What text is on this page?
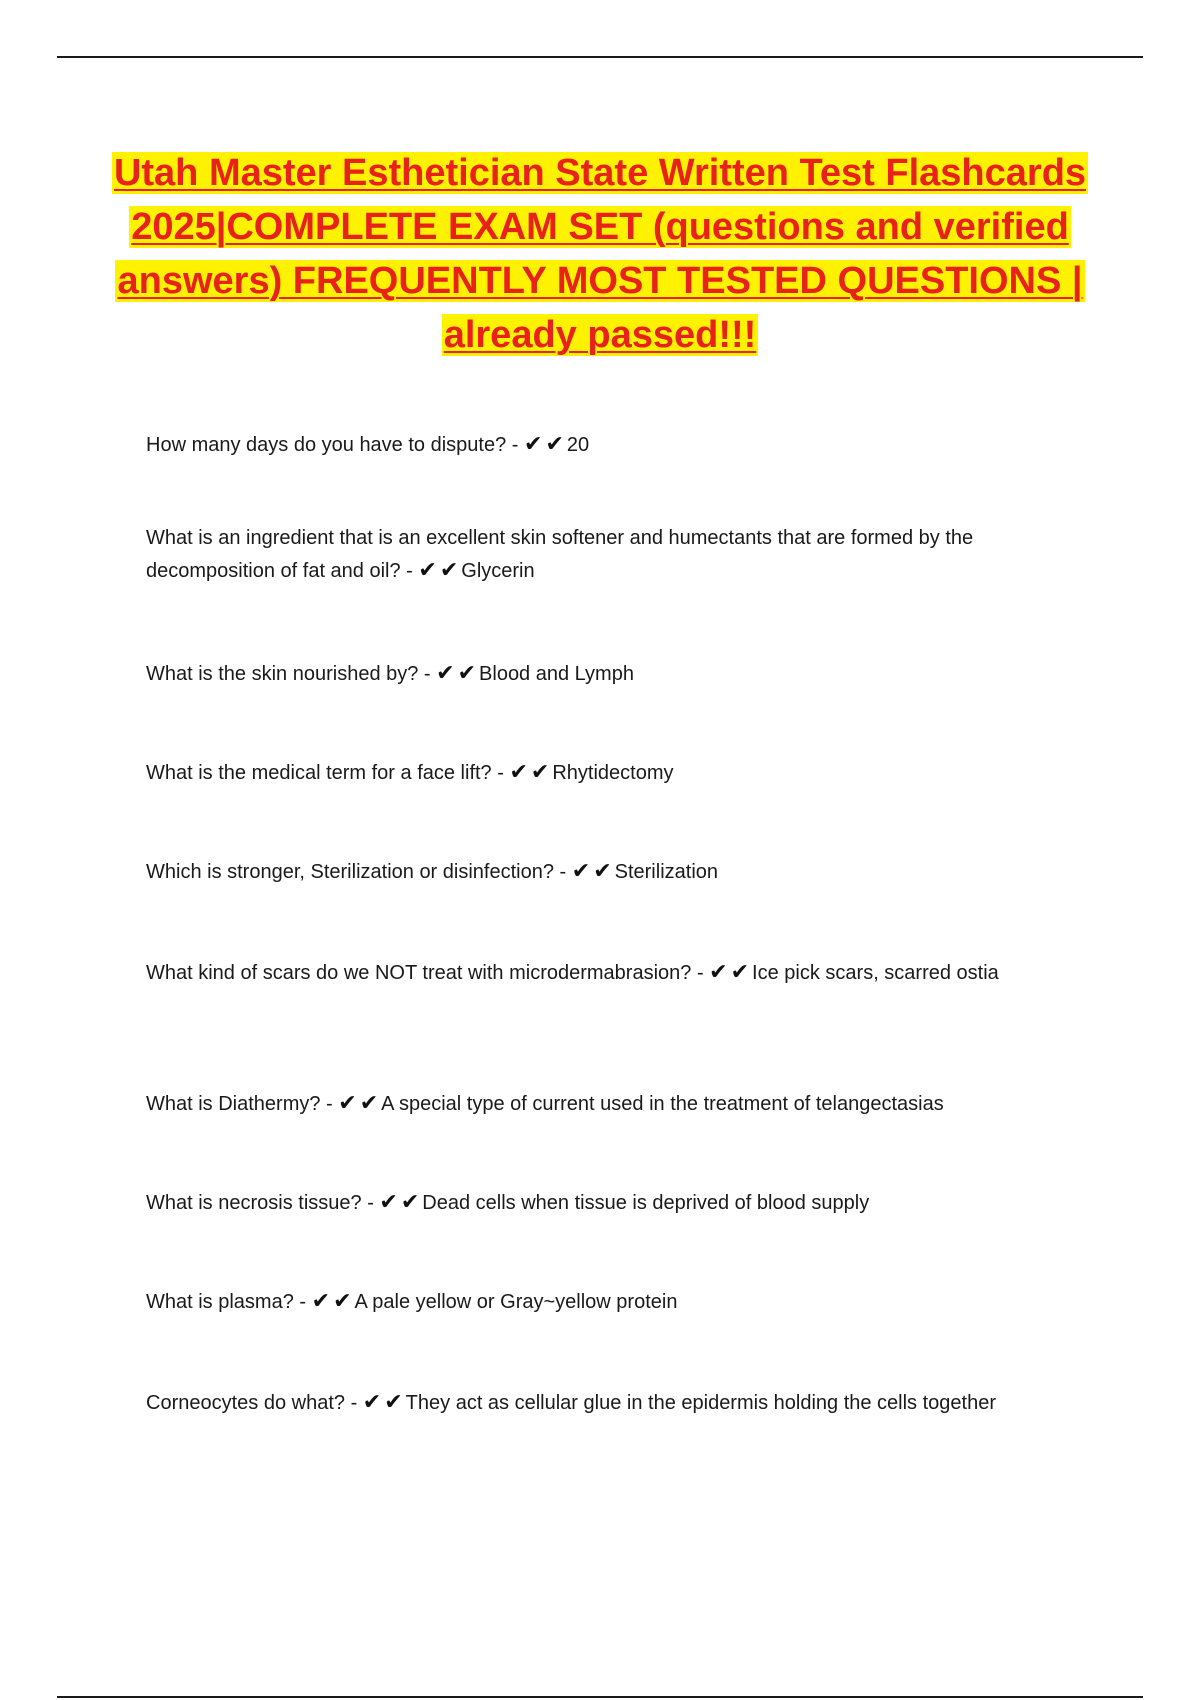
Utah Master Esthetician State Written Test Flashcards 2025|COMPLETE EXAM SET (questions and verified answers) FREQUENTLY MOST TESTED QUESTIONS | already passed!!!

How many days do you have to dispute? - ✔ ✔ 20

What is an ingredient that is an excellent skin softener and humectants that are formed by the decomposition of fat and oil? - ✔ ✔ Glycerin

What is the skin nourished by? - ✔ ✔ Blood and Lymph

What is the medical term for a face lift? - ✔ ✔ Rhytidectomy

Which is stronger, Sterilization or disinfection? - ✔ ✔ Sterilization

What kind of scars do we NOT treat with microdermabrasion? - ✔ ✔ Ice pick scars, scarred ostia

What is Diathermy? - ✔ ✔ A special type of current used in the treatment of telangectasias

What is necrosis tissue? - ✔ ✔ Dead cells when tissue is deprived of blood supply

What is plasma? - ✔ ✔ A pale yellow or Gray~yellow protein

Corneocytes do what? - ✔ ✔ They act as cellular glue in the epidermis holding the cells together
